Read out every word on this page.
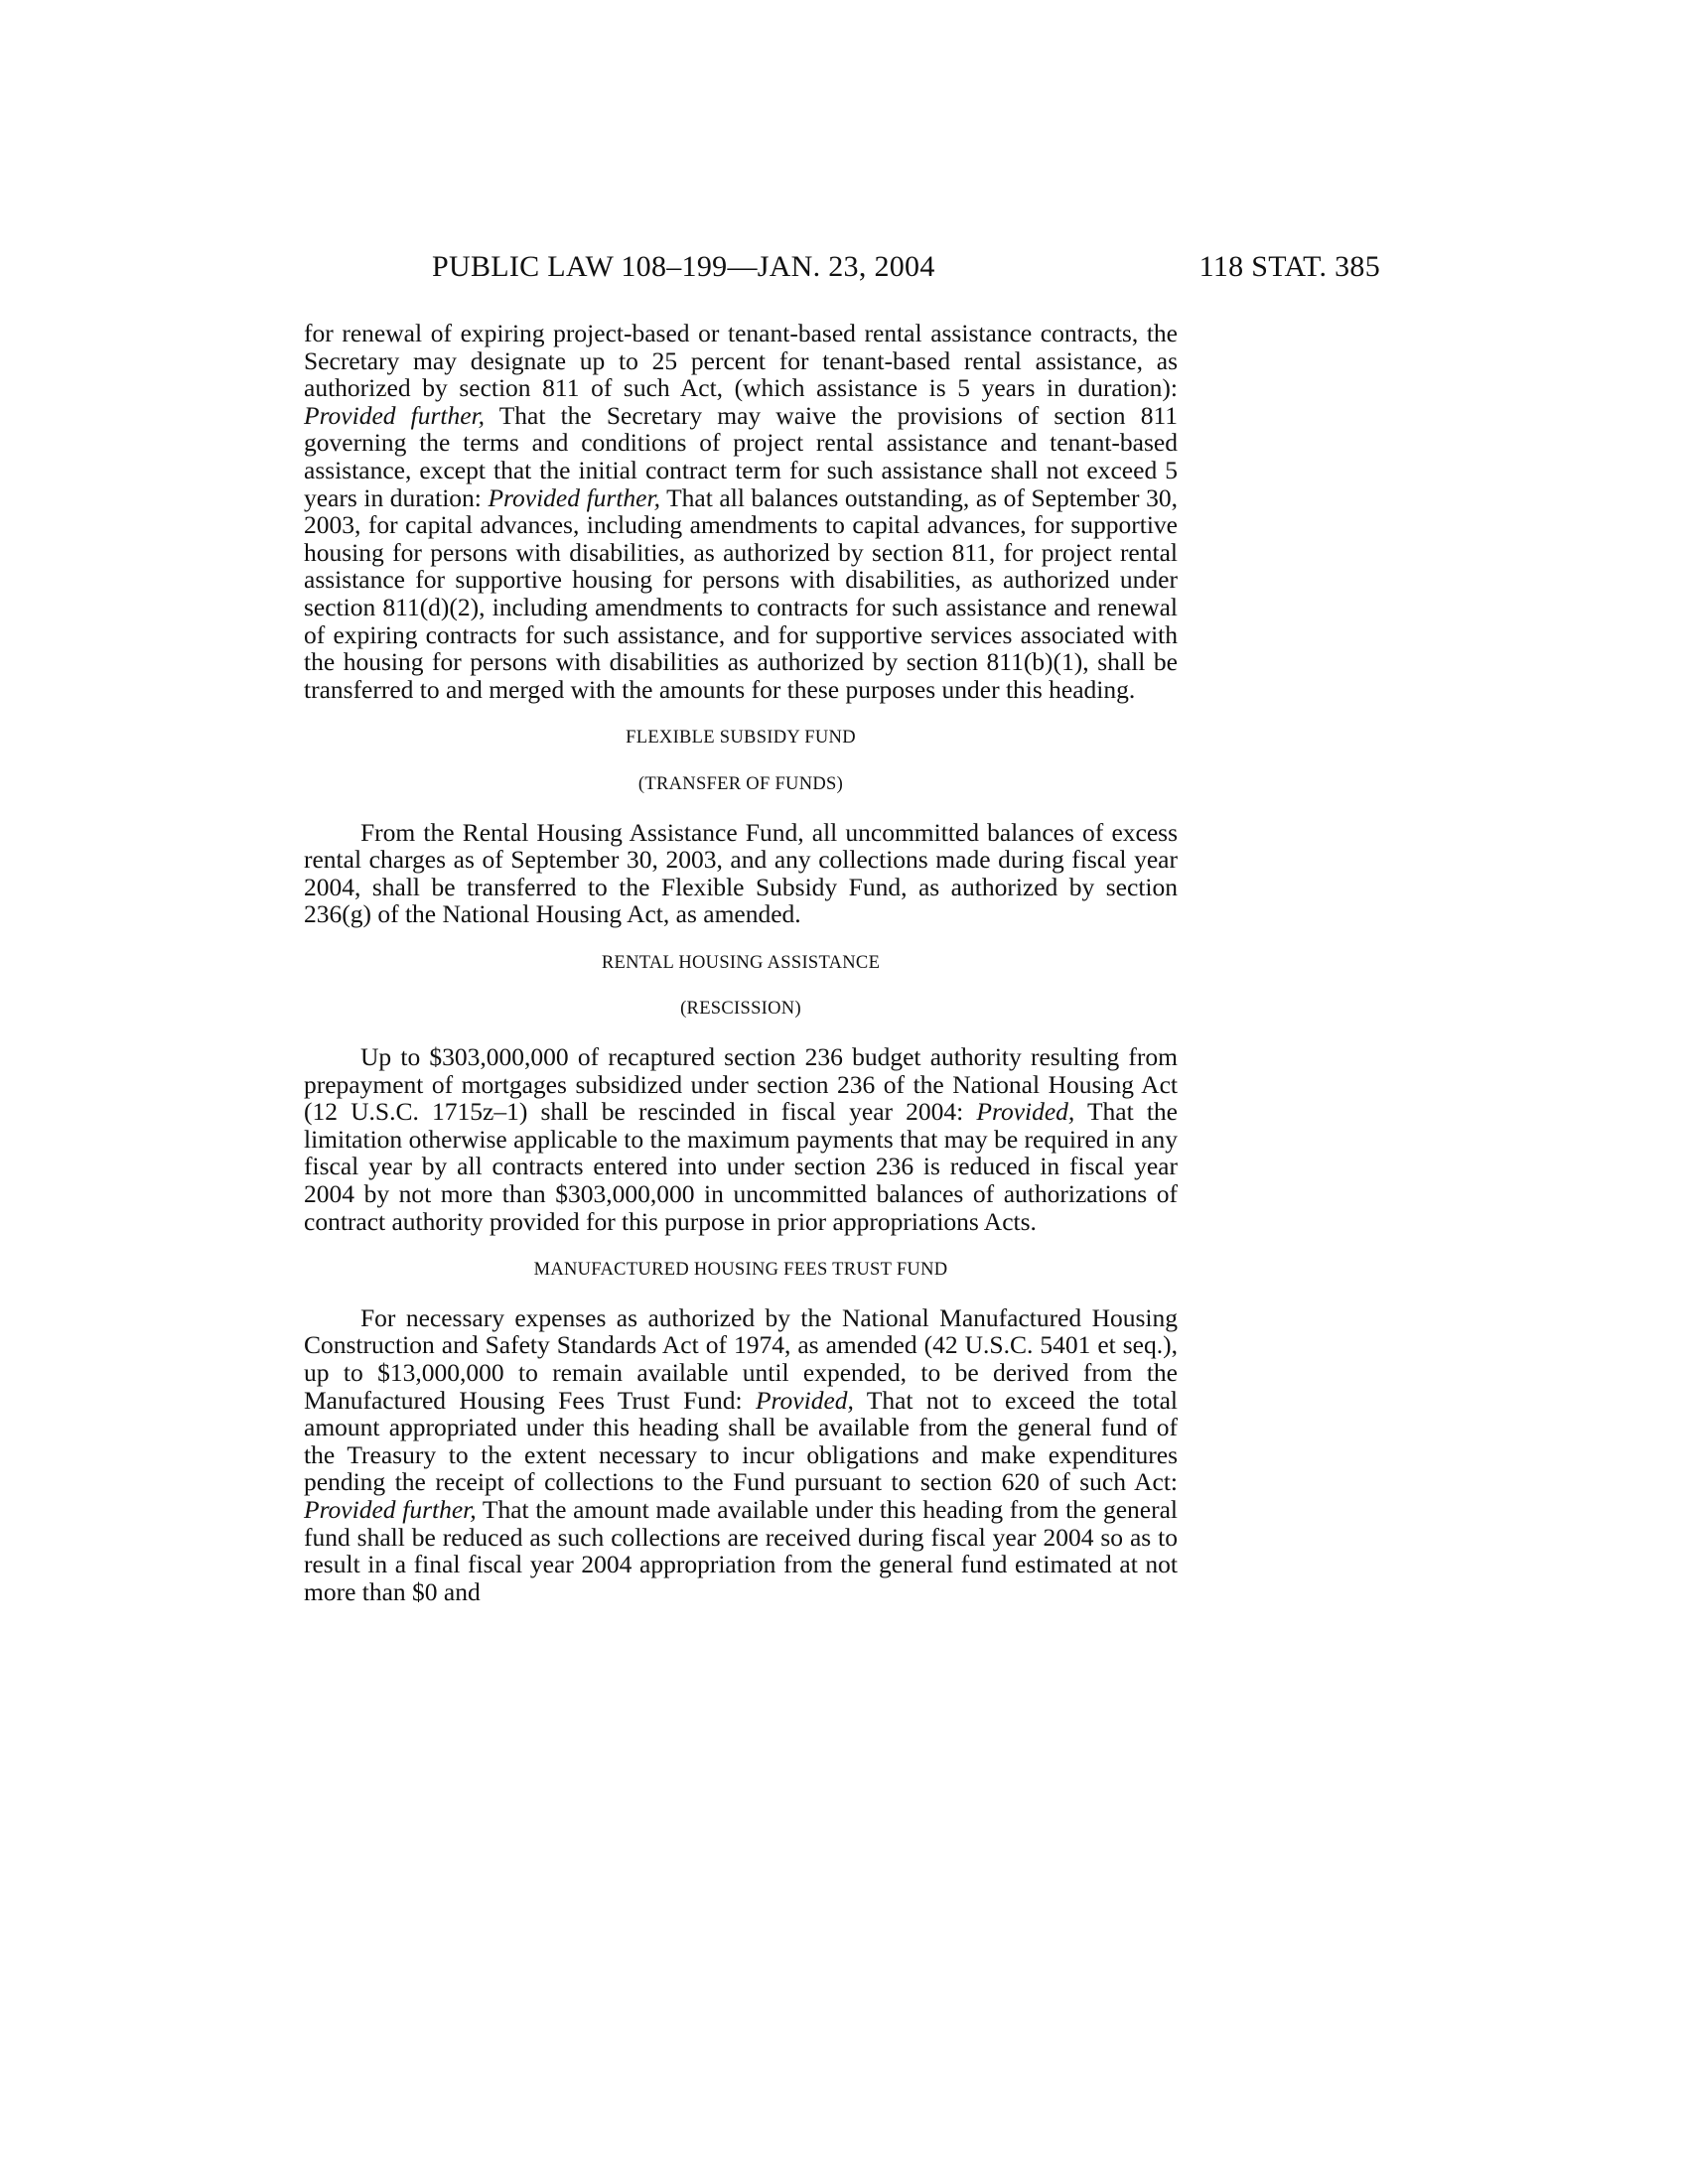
PUBLIC LAW 108–199—JAN. 23, 2004	118 STAT. 385

for renewal of expiring project-based or tenant-based rental assistance contracts, the Secretary may designate up to 25 percent for tenant-based rental assistance, as authorized by section 811 of such Act, (which assistance is 5 years in duration): Provided further, That the Secretary may waive the provisions of section 811 governing the terms and conditions of project rental assistance and tenant-based assistance, except that the initial contract term for such assistance shall not exceed 5 years in duration: Provided further, That all balances outstanding, as of September 30, 2003, for capital advances, including amendments to capital advances, for supportive housing for persons with disabilities, as authorized by section 811, for project rental assistance for supportive housing for persons with disabilities, as authorized under section 811(d)(2), including amendments to contracts for such assistance and renewal of expiring contracts for such assistance, and for supportive services associated with the housing for persons with disabilities as authorized by section 811(b)(1), shall be transferred to and merged with the amounts for these purposes under this heading.

FLEXIBLE SUBSIDY FUND

(TRANSFER OF FUNDS)

From the Rental Housing Assistance Fund, all uncommitted balances of excess rental charges as of September 30, 2003, and any collections made during fiscal year 2004, shall be transferred to the Flexible Subsidy Fund, as authorized by section 236(g) of the National Housing Act, as amended.

RENTAL HOUSING ASSISTANCE

(RESCISSION)

Up to $303,000,000 of recaptured section 236 budget authority resulting from prepayment of mortgages subsidized under section 236 of the National Housing Act (12 U.S.C. 1715z–1) shall be rescinded in fiscal year 2004: Provided, That the limitation otherwise applicable to the maximum payments that may be required in any fiscal year by all contracts entered into under section 236 is reduced in fiscal year 2004 by not more than $303,000,000 in uncommitted balances of authorizations of contract authority provided for this purpose in prior appropriations Acts.

MANUFACTURED HOUSING FEES TRUST FUND

For necessary expenses as authorized by the National Manufactured Housing Construction and Safety Standards Act of 1974, as amended (42 U.S.C. 5401 et seq.), up to $13,000,000 to remain available until expended, to be derived from the Manufactured Housing Fees Trust Fund: Provided, That not to exceed the total amount appropriated under this heading shall be available from the general fund of the Treasury to the extent necessary to incur obligations and make expenditures pending the receipt of collections to the Fund pursuant to section 620 of such Act: Provided further, That the amount made available under this heading from the general fund shall be reduced as such collections are received during fiscal year 2004 so as to result in a final fiscal year 2004 appropriation from the general fund estimated at not more than $0 and
